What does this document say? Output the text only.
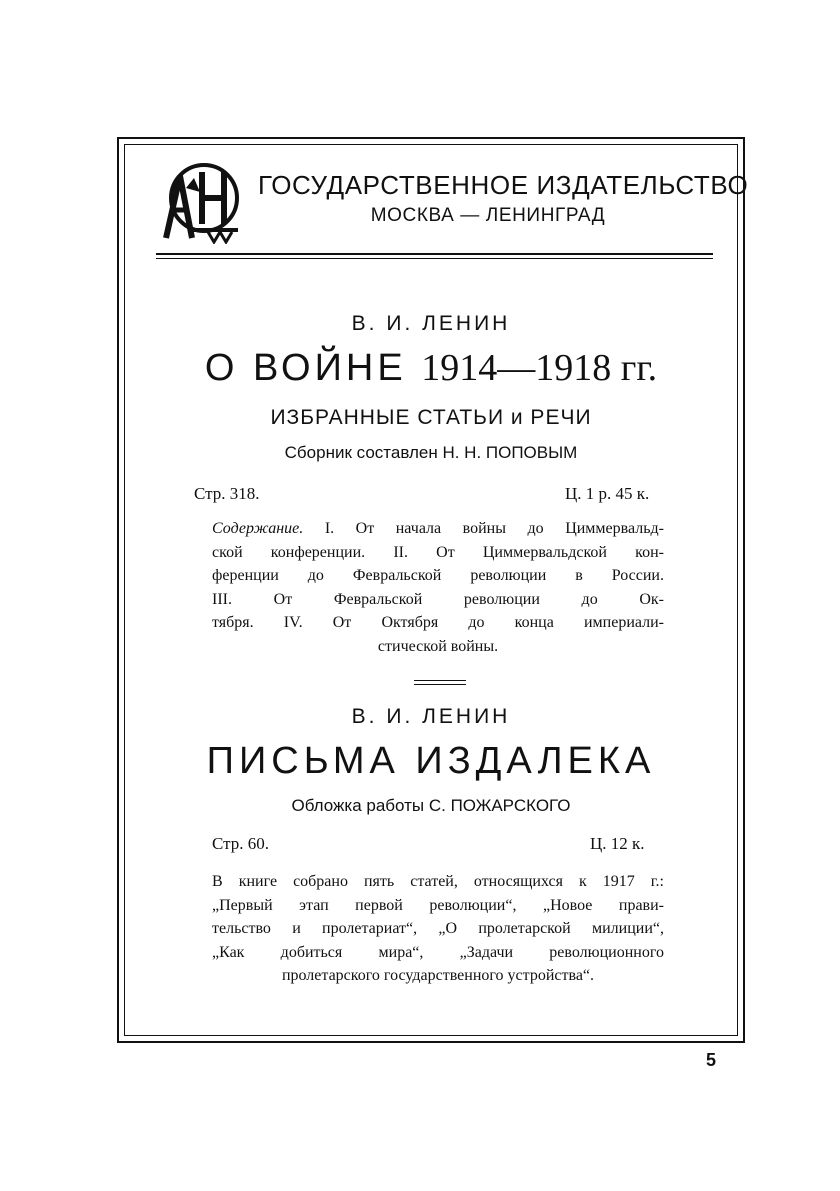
ГОСУДАРСТВЕННОЕ ИЗДАТЕЛЬСТВО
МОСКВА — ЛЕНИНГРАД
В. И. ЛЕНИН
О ВОЙНЕ 1914—1918 гг.
ИЗБРАННЫЕ СТАТЬИ и РЕЧИ
Сборник составлен Н. Н. ПОПОВЫМ
Стр. 318.	Ц. 1 р. 45 к.
Содержание. I. От начала войны до Циммервальд-
ской конференции. II. От Циммервальдской кон-
ференции до Февральской революции в России.
III. От Февральской революции до Ок-
тября. IV. От Октября до конца империали-
стической войны.
В. И. ЛЕНИН
ПИСЬМА ИЗДАЛЕКА
Обложка работы С. ПОЖАРСКОГО
Стр. 60.	Ц. 12 к.
В книге собрано пять статей, относящихся к 1917 г.:
„Первый этап первой революции“, „Новое прави-
тельство и пролетариат“, „О пролетарской милиции“,
„Как добиться мира“, „Задачи революционного
пролетарского государственного устройства“.
5
